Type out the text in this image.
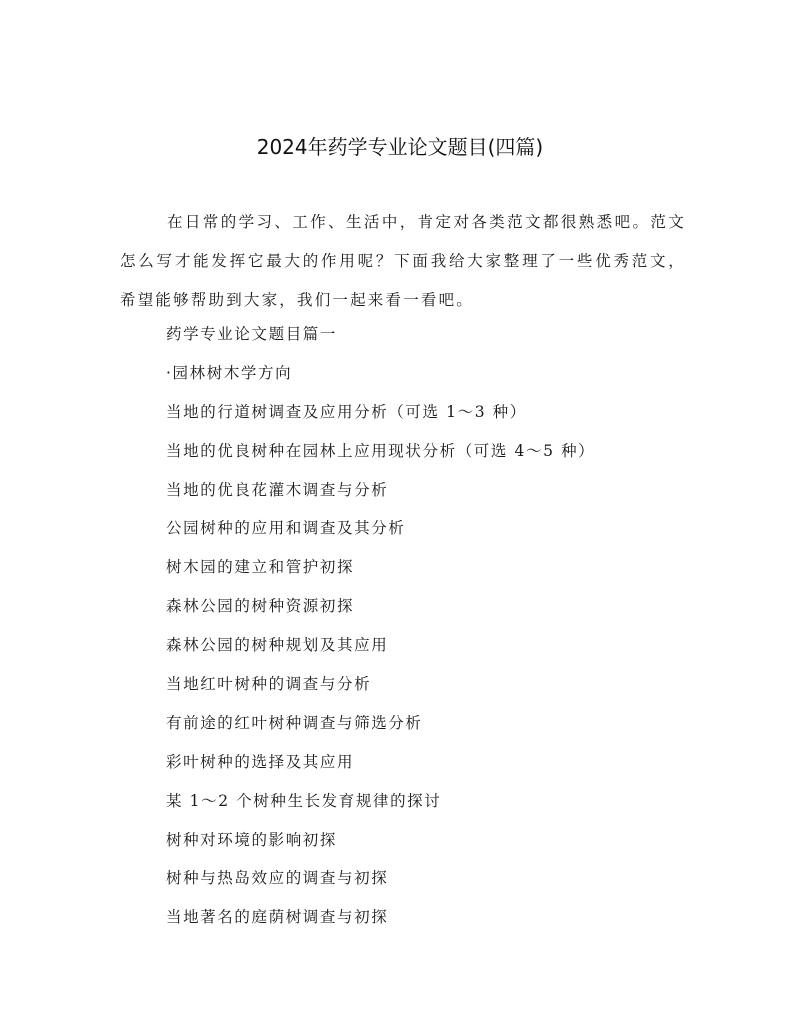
2024年药学专业论文题目(四篇)

在日常的学习、工作、生活中，肯定对各类范文都很熟悉吧。范文怎么写才能发挥它最大的作用呢？下面我给大家整理了一些优秀范文，希望能够帮助到大家，我们一起来看一看吧。

药学专业论文题目篇一
·园林树木学方向
当地的行道树调查及应用分析（可选 1～3 种）
当地的优良树种在园林上应用现状分析（可选 4～5 种）
当地的优良花灌木调查与分析
公园树种的应用和调查及其分析
树木园的建立和管护初探
森林公园的树种资源初探
森林公园的树种规划及其应用
当地红叶树种的调查与分析
有前途的红叶树种调查与筛选分析
彩叶树种的选择及其应用
某 1～2 个树种生长发育规律的探讨
树种对环境的影响初探
树种与热岛效应的调查与初探
当地著名的庭荫树调查与初探
